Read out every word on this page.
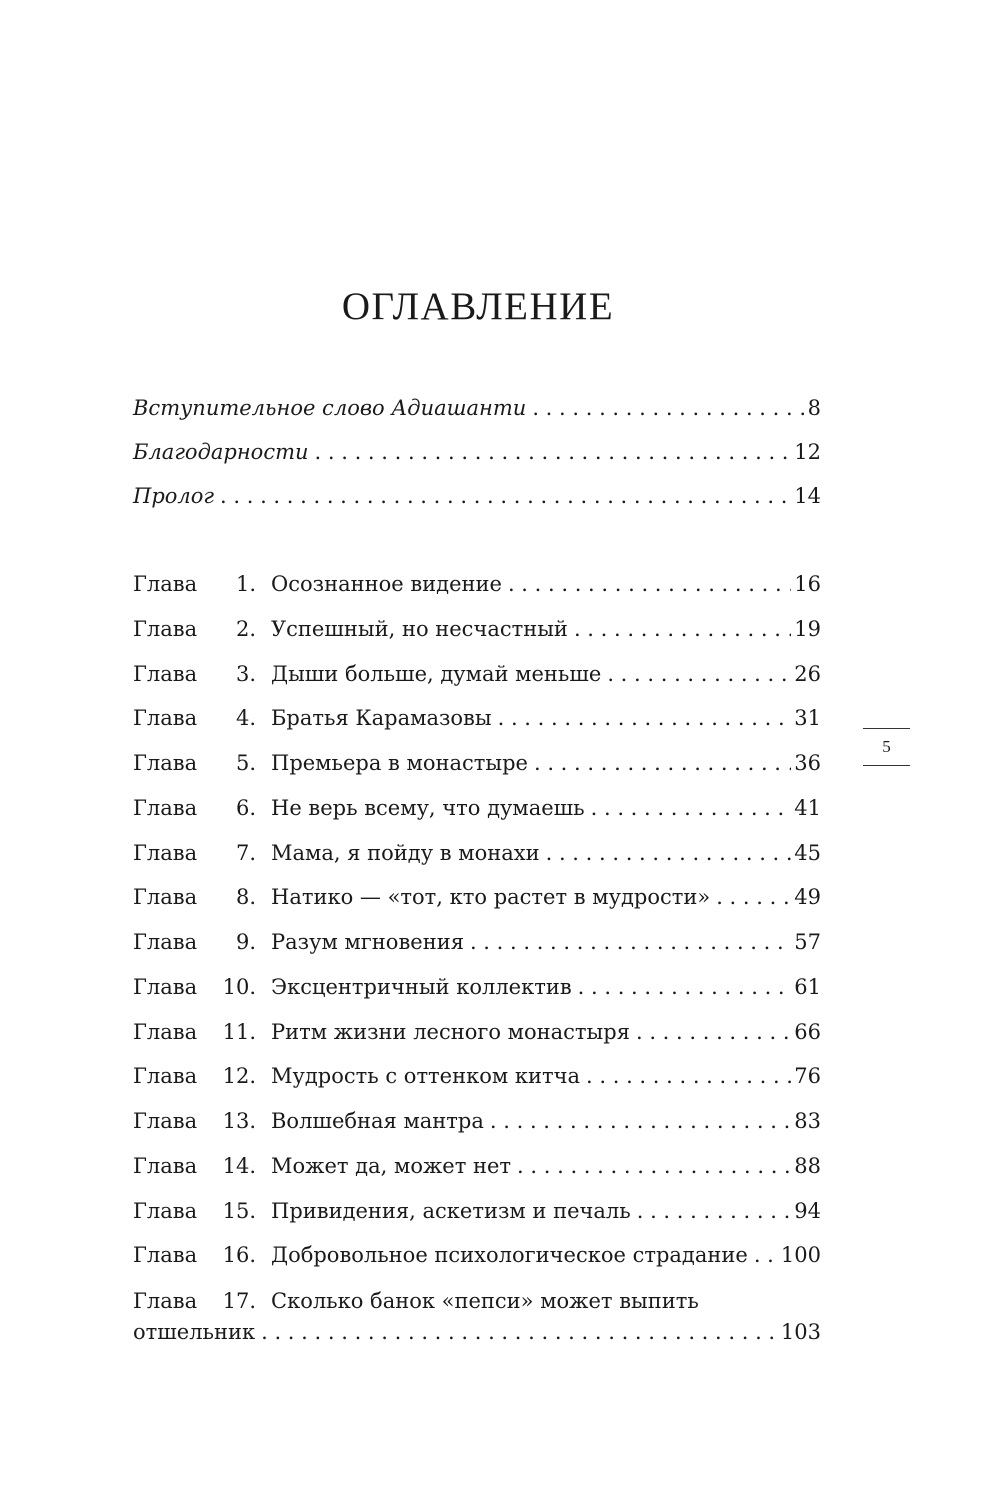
ОГЛАВЛЕНИЕ
Вступительное слово Адиашанти . . .	8
Благодарности . . .	12
Пролог . . .	14
Глава	1. Осознанное видение . . .	16
Глава	2. Успешный, но несчастный . . .	19
Глава	3. Дыши больше, думай меньше . . .	26
Глава	4. Братья Карамазовы . . .	31
Глава	5. Премьера в монастыре . . .	36
Глава	6. Не верь всему, что думаешь . . .	41
Глава	7. Мама, я пойду в монахи . . .	45
Глава	8. Натико — «тот, кто растет в мудрости» . . .	49
Глава	9. Разум мгновения . . .	57
Глава	10. Эксцентричный коллектив . . .	61
Глава	11. Ритм жизни лесного монастыря . . .	66
Глава	12. Мудрость с оттенком китча . . .	76
Глава	13. Волшебная мантра . . .	83
Глава	14. Может да, может нет . . .	88
Глава	15. Привидения, аскетизм и печаль . . .	94
Глава	16. Добровольное психологическое страдание . . . 100
Глава 17. Сколько банок «пепси» может выпить
отшельник . . .	103
5
